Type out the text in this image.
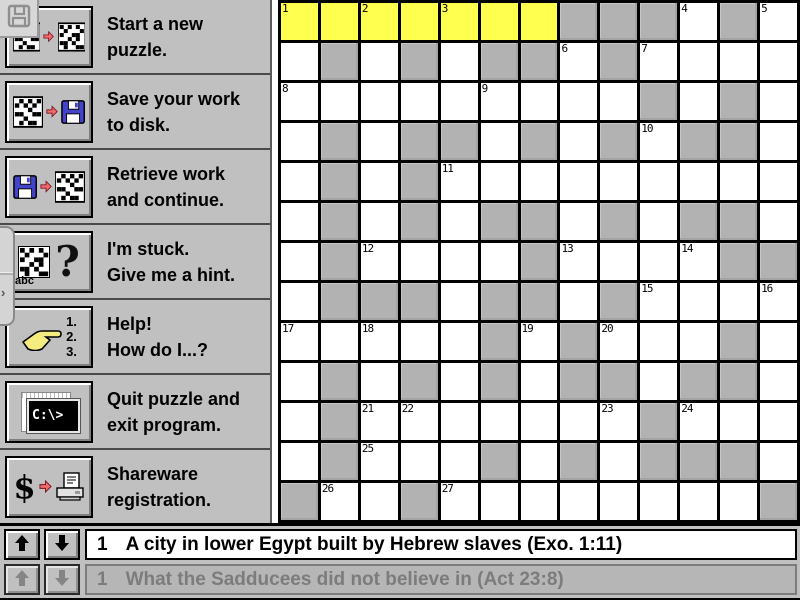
Start a new
puzzle.
Save your work
to disk.
Retrieve work
and continue.
abc ? I'm stuck.
Give me a hint.
1.
2.
3.
Help!
How do I...?
C:\>
Quit puzzle and
exit program.
$	Shareware
registration.
›
1	2	3	4	5
6	7
8	9
10
11
12	13	14
15	16
17	18	19	20
21	22	23	24
25
26	27
1 A city in lower Egypt built by Hebrew slaves (Exo. 1:11)
1 What the Sadducees did not believe in (Act 23:8)
